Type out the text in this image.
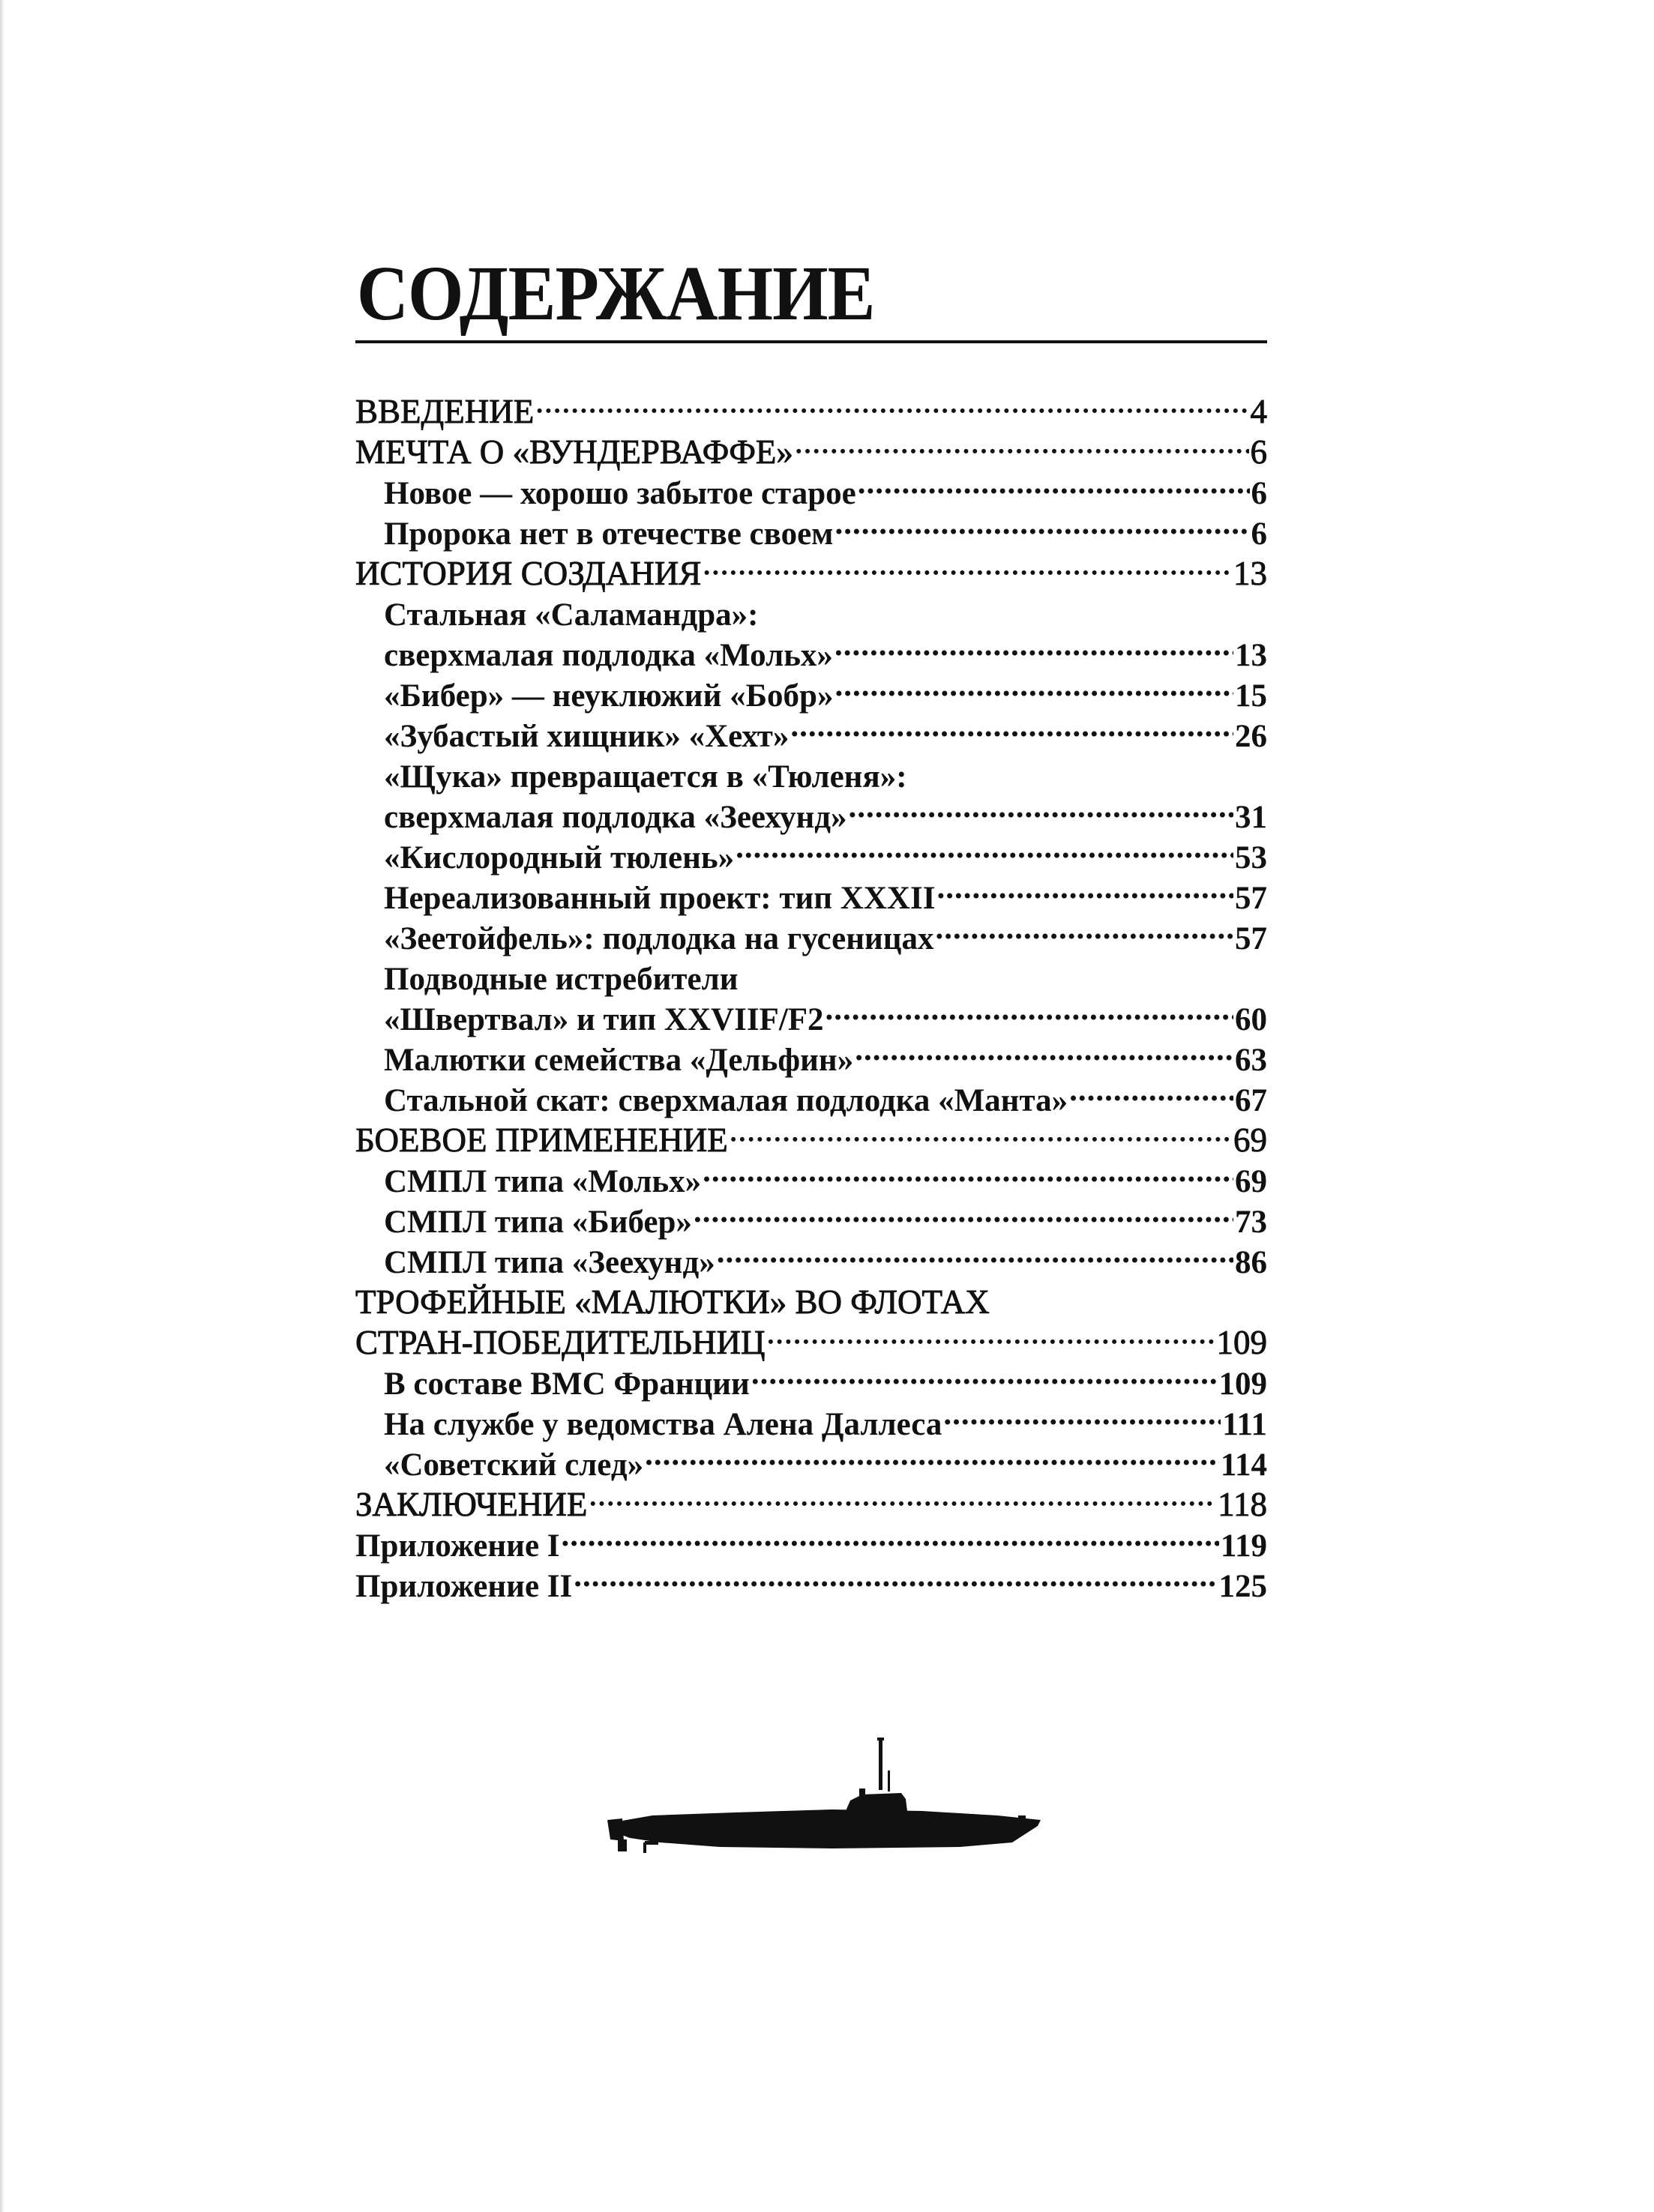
СОДЕРЖАНИЕ
ВВЕДЕНИЕ .....	4
МЕЧТА О «ВУНДЕРВАФФЕ» .....	6
Новое — хорошо забытое старое .....	6
Пророка нет в отечестве своем .....	6
ИСТОРИЯ СОЗДАНИЯ .....	13
Стальная «Саламандра»:
сверхмалая подлодка «Мольх» .....	13
«Бибер» — неуклюжий «Бобр» .....	15
«Зубастый хищник» «Хехт» .....	26
«Щука» превращается в «Тюленя»:
сверхмалая подлодка «Зеехунд» .....	31
«Кислородный тюлень» .....	53
Нереализованный проект: тип XXXII .....	57
«Зеетойфель»: подлодка на гусеницах .....	57
Подводные истребители
«Швертвал» и тип XXVIIF/F2 .....	60
Малютки семейства «Дельфин» .....	63
Стальной скат: сверхмалая подлодка «Манта» .....	67
БОЕВОЕ ПРИМЕНЕНИЕ .....	69
СМПЛ типа «Мольх» .....	69
СМПЛ типа «Бибер» .....	73
СМПЛ типа «Зеехунд» .....	86
ТРОФЕЙНЫЕ «МАЛЮТКИ» ВО ФЛОТАХ
СТРАН-ПОБЕДИТЕЛЬНИЦ .....	109
В составе ВМС Франции .....	109
На службе у ведомства Алена Даллеса .....	111
«Советский след» .....	114
ЗАКЛЮЧЕНИЕ .....	118
Приложение I .....	119
Приложение II .....	125
